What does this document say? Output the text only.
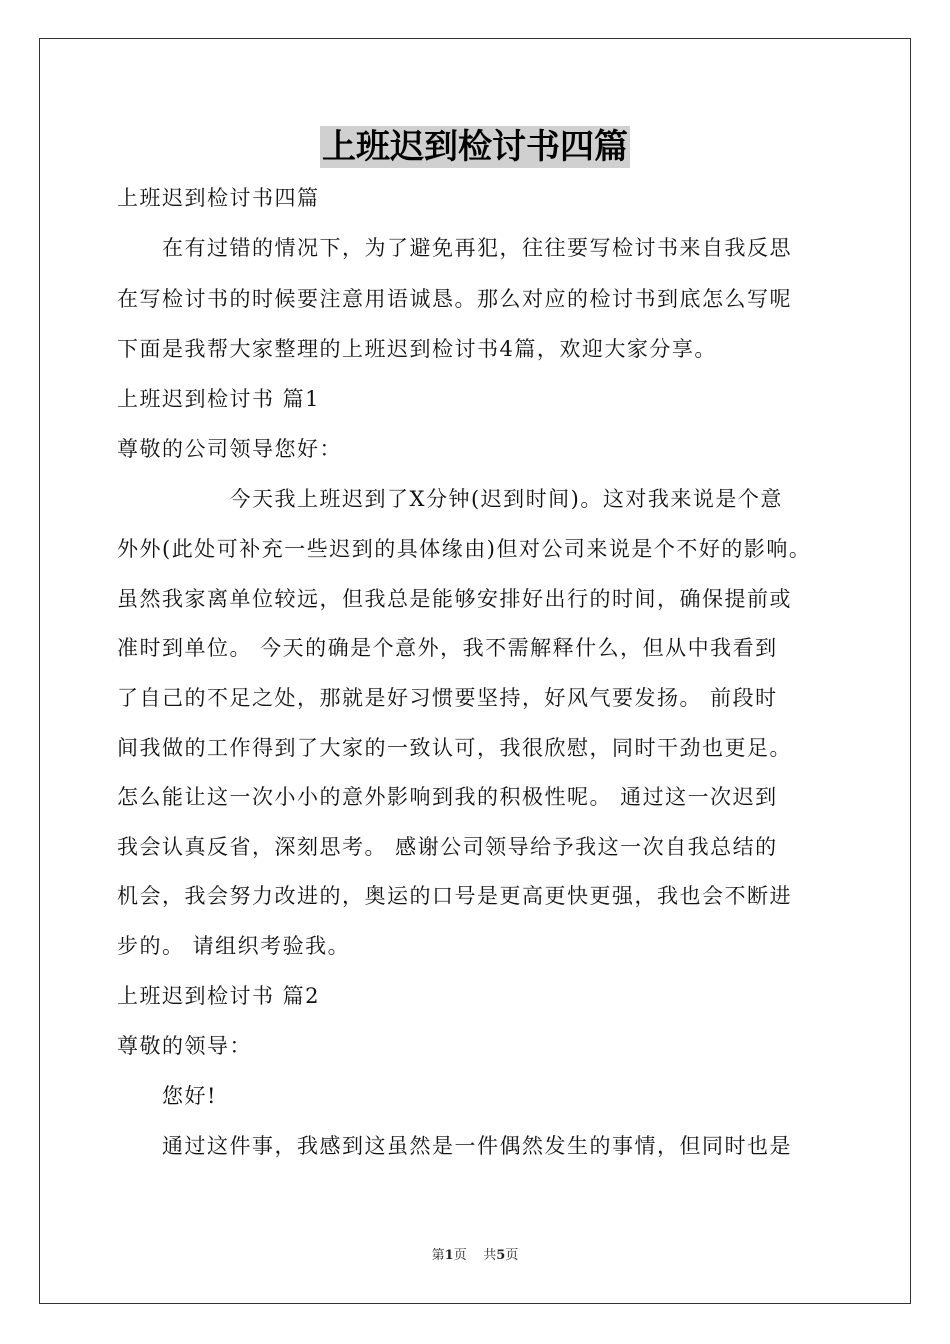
上班迟到检讨书四篇
上班迟到检讨书四篇
　　在有过错的情况下，为了避免再犯，往往要写检讨书来自我反思
在写检讨书的时候要注意用语诚恳。那么对应的检讨书到底怎么写呢
下面是我帮大家整理的上班迟到检讨书4篇，欢迎大家分享。
上班迟到检讨书 篇1
尊敬的公司领导您好：
　　　　　今天我上班迟到了X分钟(迟到时间)。这对我来说是个意
外外(此处可补充一些迟到的具体缘由)但对公司来说是个不好的影响。
虽然我家离单位较远，但我总是能够安排好出行的时间，确保提前或
准时到单位。 今天的确是个意外，我不需解释什么，但从中我看到
了自己的不足之处，那就是好习惯要坚持，好风气要发扬。 前段时
间我做的工作得到了大家的一致认可，我很欣慰，同时干劲也更足。
怎么能让这一次小小的意外影响到我的积极性呢。 通过这一次迟到
我会认真反省，深刻思考。 感谢公司领导给予我这一次自我总结的
机会，我会努力改进的，奥运的口号是更高更快更强，我也会不断进
步的。 请组织考验我。
上班迟到检讨书 篇2
尊敬的领导：
　　您好!
　　通过这件事，我感到这虽然是一件偶然发生的事情，但同时也是
第1页 共5页
